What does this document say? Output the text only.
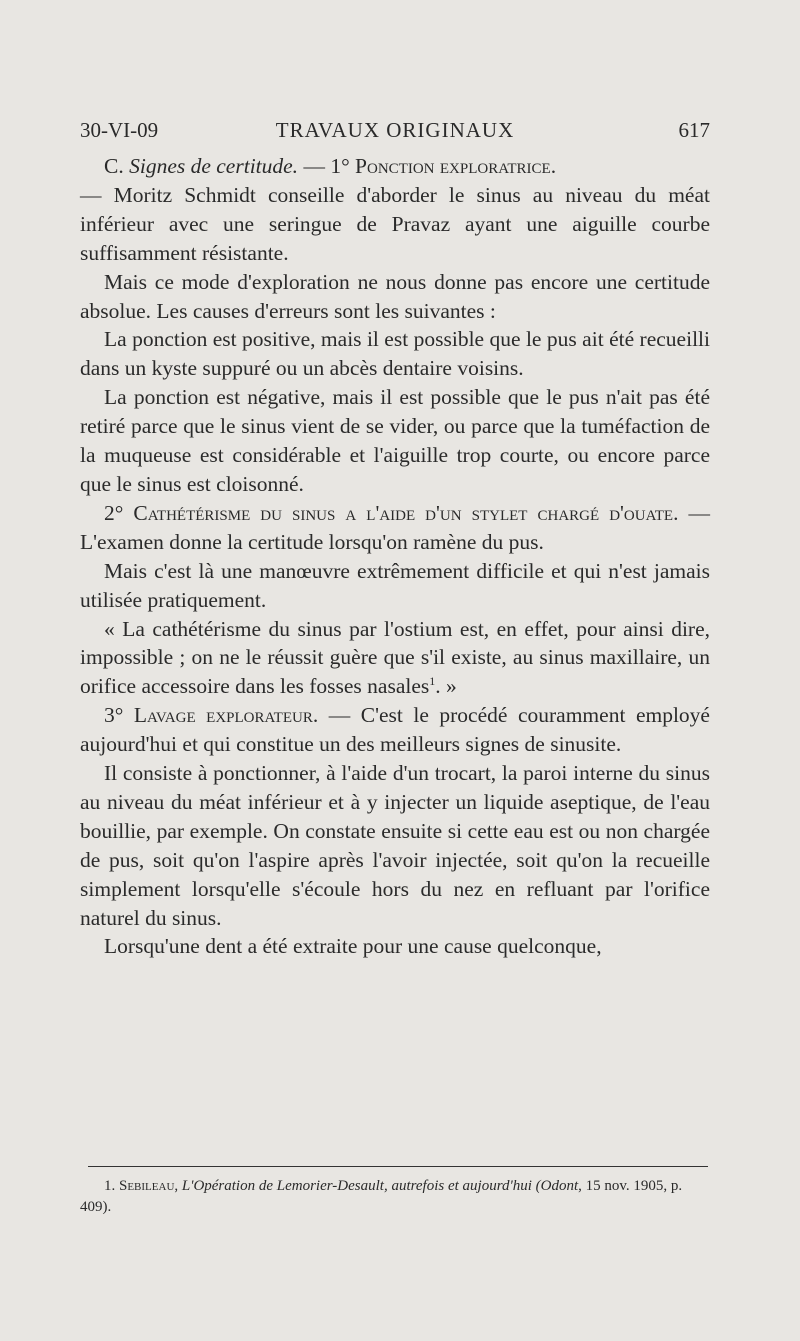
30-VI-09	TRAVAUX ORIGINAUX	617

C. Signes de certitude. — 1° Ponction exploratrice.

— Moritz Schmidt conseille d'aborder le sinus au niveau du méat inférieur avec une seringue de Pravaz ayant une aiguille courbe suffisamment résistante.

Mais ce mode d'exploration ne nous donne pas encore une certitude absolue. Les causes d'erreurs sont les suivantes :

La ponction est positive, mais il est possible que le pus ait été recueilli dans un kyste suppuré ou un abcès dentaire voisins.

La ponction est négative, mais il est possible que le pus n'ait pas été retiré parce que le sinus vient de se vider, ou parce que la tuméfaction de la muqueuse est considérable et l'aiguille trop courte, ou encore parce que le sinus est cloisonné.

2° Cathétérisme du sinus a l'aide d'un stylet chargé d'ouate. — L'examen donne la certitude lorsqu'on ramène du pus.

Mais c'est là une manœuvre extrêmement difficile et qui n'est jamais utilisée pratiquement.

« La cathétérisme du sinus par l'ostium est, en effet, pour ainsi dire, impossible ; on ne le réussit guère que s'il existe, au sinus maxillaire, un orifice accessoire dans les fosses nasales$^1$. »

3° Lavage explorateur. — C'est le procédé couramment employé aujourd'hui et qui constitue un des meilleurs signes de sinusite.

Il consiste à ponctionner, à l'aide d'un trocart, la paroi interne du sinus au niveau du méat inférieur et à y injecter un liquide aseptique, de l'eau bouillie, par exemple. On constate ensuite si cette eau est ou non chargée de pus, soit qu'on l'aspire après l'avoir injectée, soit qu'on la recueille simplement lorsqu'elle s'écoule hors du nez en refluant par l'orifice naturel du sinus.

Lorsqu'une dent a été extraite pour une cause quelconque,

1. Sebileau, L'Opération de Lemorier-Desault, autrefois et aujourd'hui (Odont, 15 nov. 1905, p. 409).
